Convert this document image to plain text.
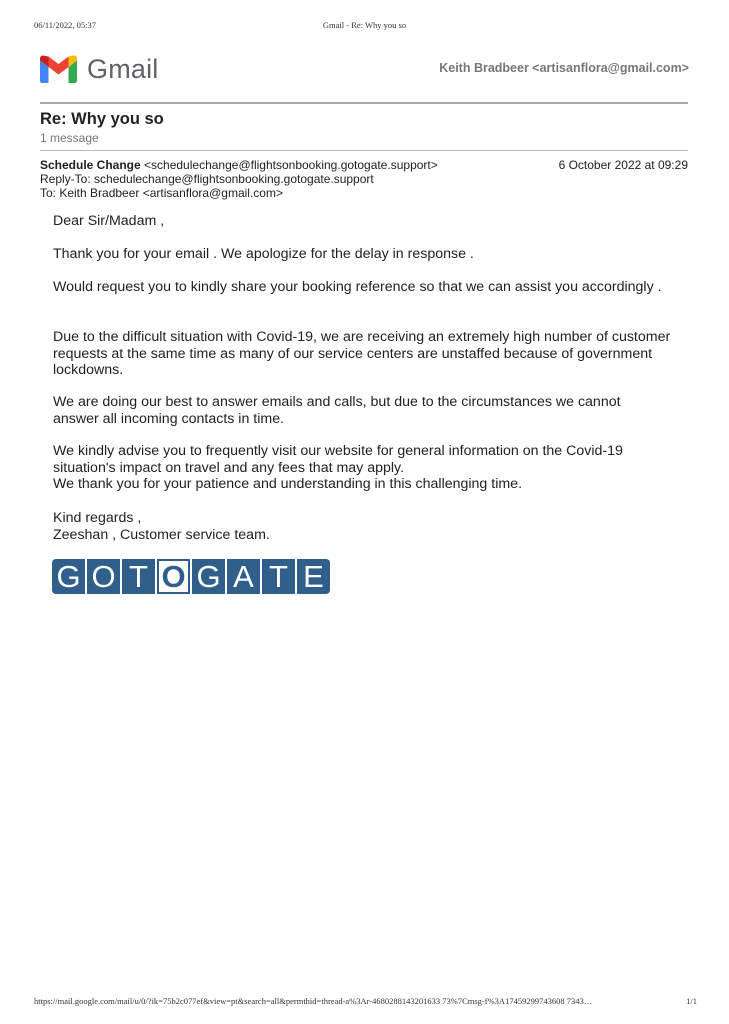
06/11/2022, 05:37	Gmail - Re: Why you so
Gmail	Keith Bradbeer <artisanflora@gmail.com>
Re: Why you so
1 message
Schedule Change <schedulechange@flightsonbooking.gotogate.support>	6 October 2022 at 09:29
Reply-To: schedulechange@flightsonbooking.gotogate.support
To: Keith Bradbeer <artisanflora@gmail.com>

Dear Sir/Madam ,

Thank you for your email . We apologize for the delay in response .

Would request you to kindly share your booking reference so that we can assist you accordingly .

Due to the difficult situation with Covid-19, we are receiving an extremely high number of customer requests at the same time as many of our service centers are unstaffed because of government lockdowns.

We are doing our best to answer emails and calls, but due to the circumstances we cannot answer all incoming contacts in time.

We kindly advise you to frequently visit our website for general information on the Covid-19 situation's impact on travel and any fees that may apply.

We thank you for your patience and understanding in this challenging time.

Kind regards ,

Zeeshan , Customer service team.

G O T O G A T E
https://mail.google.com/mail/u/0/?ik=75b2c077ef&view=pt&search=all&permthid=thread-a%3Ar-4680288143201633 73%7Cmsg-f%3A17459299743608 7343…	1/1
